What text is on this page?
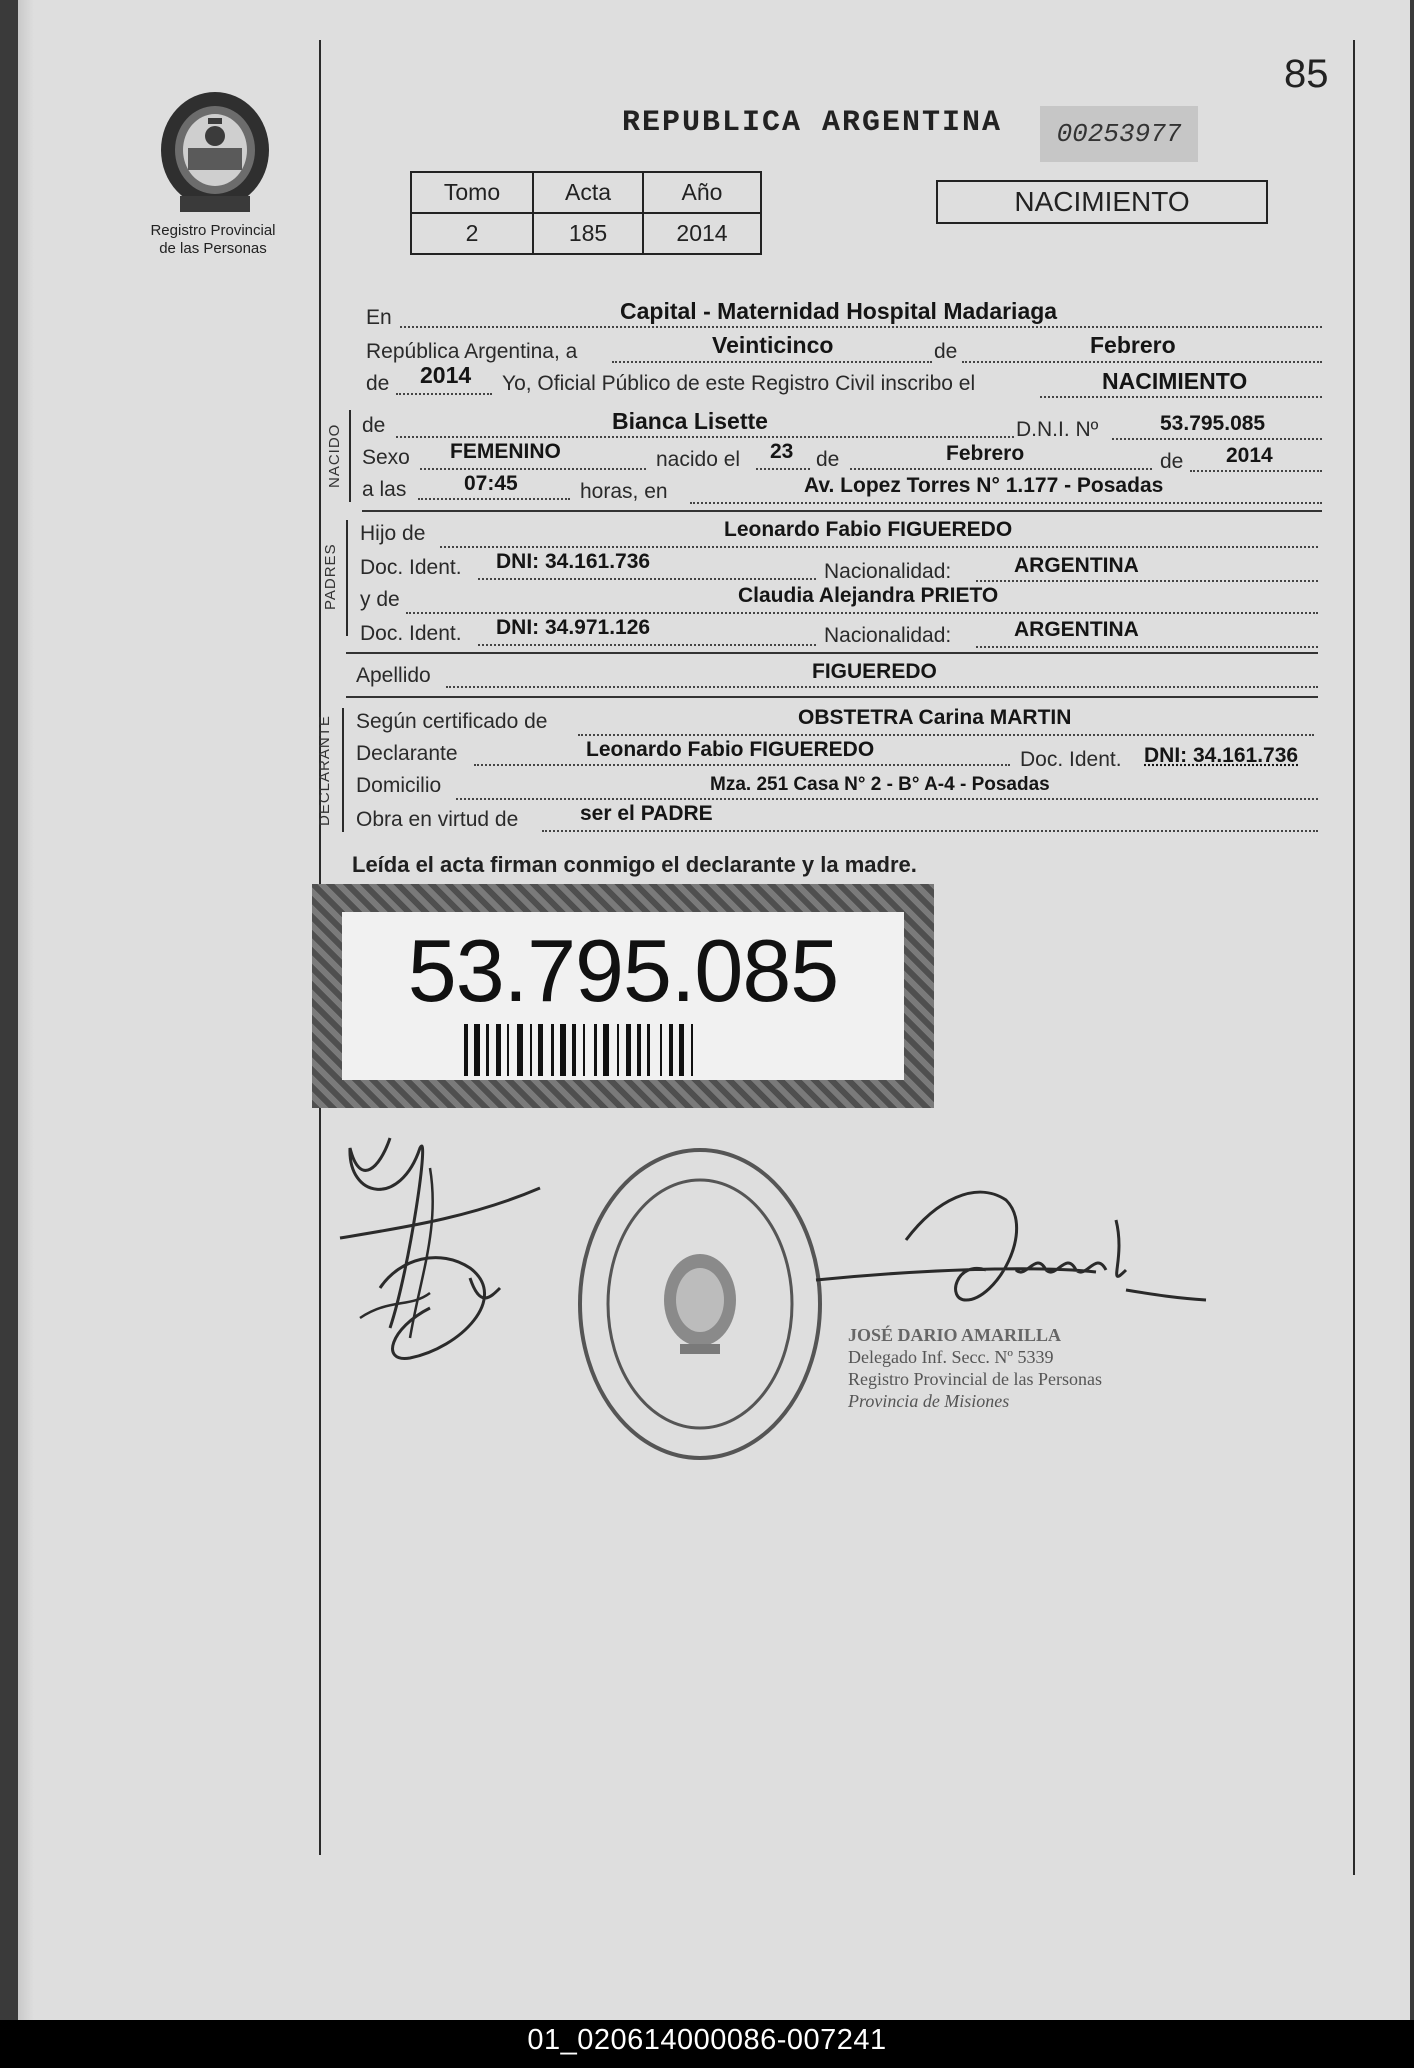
85
Registro Provincial
de las Personas
REPUBLICA ARGENTINA	00253977
Tomo	Acta	Año
2	185	2014
NACIMIENTO
En	Capital - Maternidad Hospital Madariaga
República Argentina, a	Veinticinco	de	Febrero
de 2014 Yo, Oficial Público de este Registro Civil inscribo el	NACIMIENTO
NACIDO de	Bianca Lisette	D.N.I. Nº	53.795.085
Sexo FEMENINO	nacido el 23 de	Febrero	de 2014
a las	07:45	horas, en	Av. Lopez Torres N° 1.177 - Posadas
PADRES
Hijo de	Leonardo Fabio FIGUEREDO
Doc. Ident. DNI: 34.161.736	Nacionalidad:	ARGENTINA
y de	Claudia Alejandra PRIETO
Doc. Ident. DNI: 34.971.126	Nacionalidad:	ARGENTINA
Apellido	FIGUEREDO
DECLARANTE Según certificado de	OBSTETRA Carina MARTIN
Declarante	Leonardo Fabio FIGUEREDO	Doc. Ident. DNI: 34.161.736
Domicilio	Mza. 251 Casa N° 2 - B° A-4 - Posadas
Obra en virtud de	ser el PADRE
Leída el acta firman conmigo el declarante y la madre.
53.795.085
JOSÉ DARIO AMARILLA
Delegado Inf. Secc. Nº 5339
Registro Provincial de las Personas
Provincia de Misiones
01_020614000086-007241
